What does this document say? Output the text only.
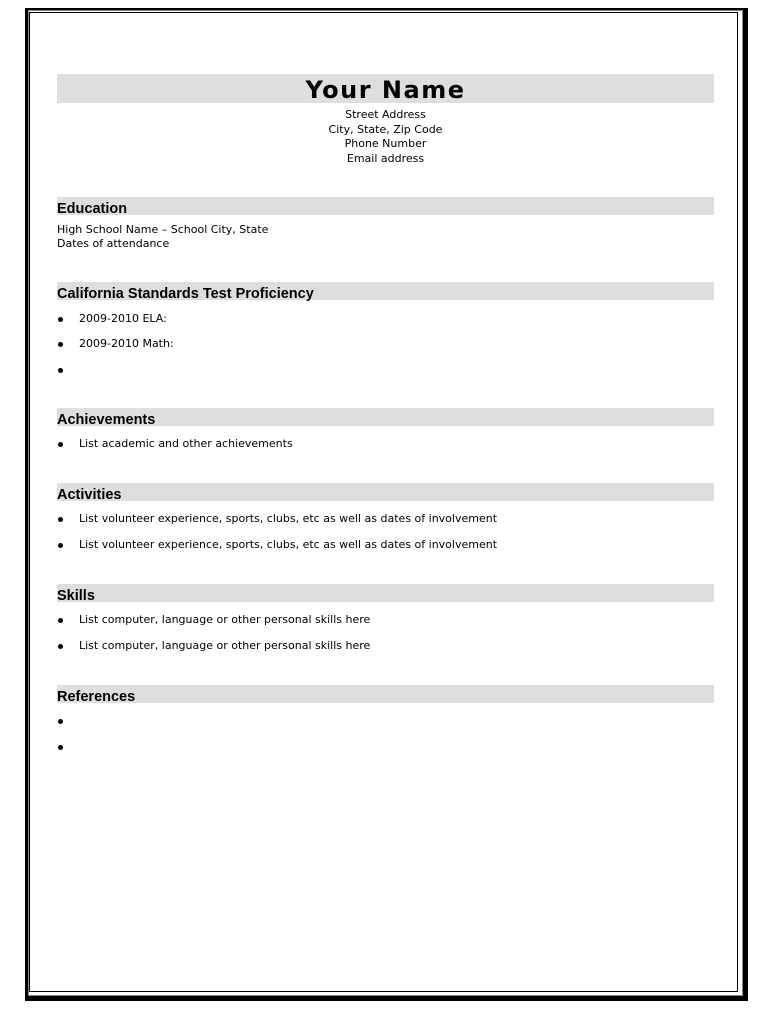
Your Name
Street Address
City, State, Zip Code
Phone Number
Email address
Education
High School Name – School City, State
Dates of attendance
California Standards Test Proficiency
2009-2010 ELA:
2009-2010 Math:
Achievements
List academic and other achievements
Activities
List volunteer experience, sports, clubs, etc as well as dates of involvement
List volunteer experience, sports, clubs, etc as well as dates of involvement
Skills
List computer, language or other personal skills here
List computer, language or other personal skills here
References
